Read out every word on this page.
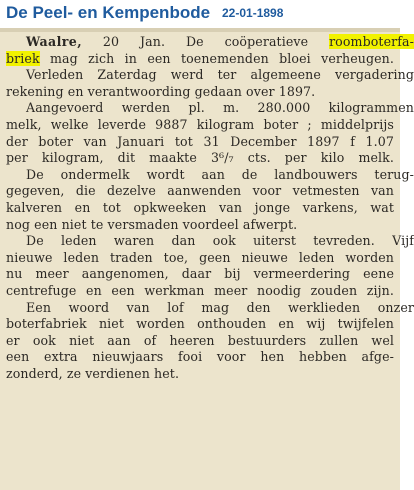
De Peel- en Kempenbode 22-01-1898
Waalre, 20 Jan. De coöperatieve roomboterfa-
briek mag zich in een toenemenden bloei verheugen.
Verleden Zaterdag werd ter algemeene vergadering
rekening en verantwoording gedaan over 1897.
Aangevoerd werden pl. m. 280.000 kilogrammen
melk, welke leverde 9887 kilogram boter ; middelprijs
der boter van Januari tot 31 December 1897 f 1.07
per kilogram, dit maakte 3⁶/₇ cts. per kilo melk.
De ondermelk wordt aan de landbouwers terug-
gegeven, die dezelve aanwenden voor vetmesten van
kalveren en tot opkweeken van jonge varkens, wat
nog een niet te versmaden voordeel afwerpt.
De leden waren dan ook uiterst tevreden. Vijf
nieuwe leden traden toe, geen nieuwe leden worden
nu meer aangenomen, daar bij vermeerdering eene
centrefuge en een werkman meer noodig zouden zijn.
Een woord van lof mag den werklieden onzer
boterfabriek niet worden onthouden en wij twijfelen
er ook niet aan of heeren bestuurders zullen wel
een extra nieuwjaars fooi voor hen hebben afge-
zonderd, ze verdienen het.
